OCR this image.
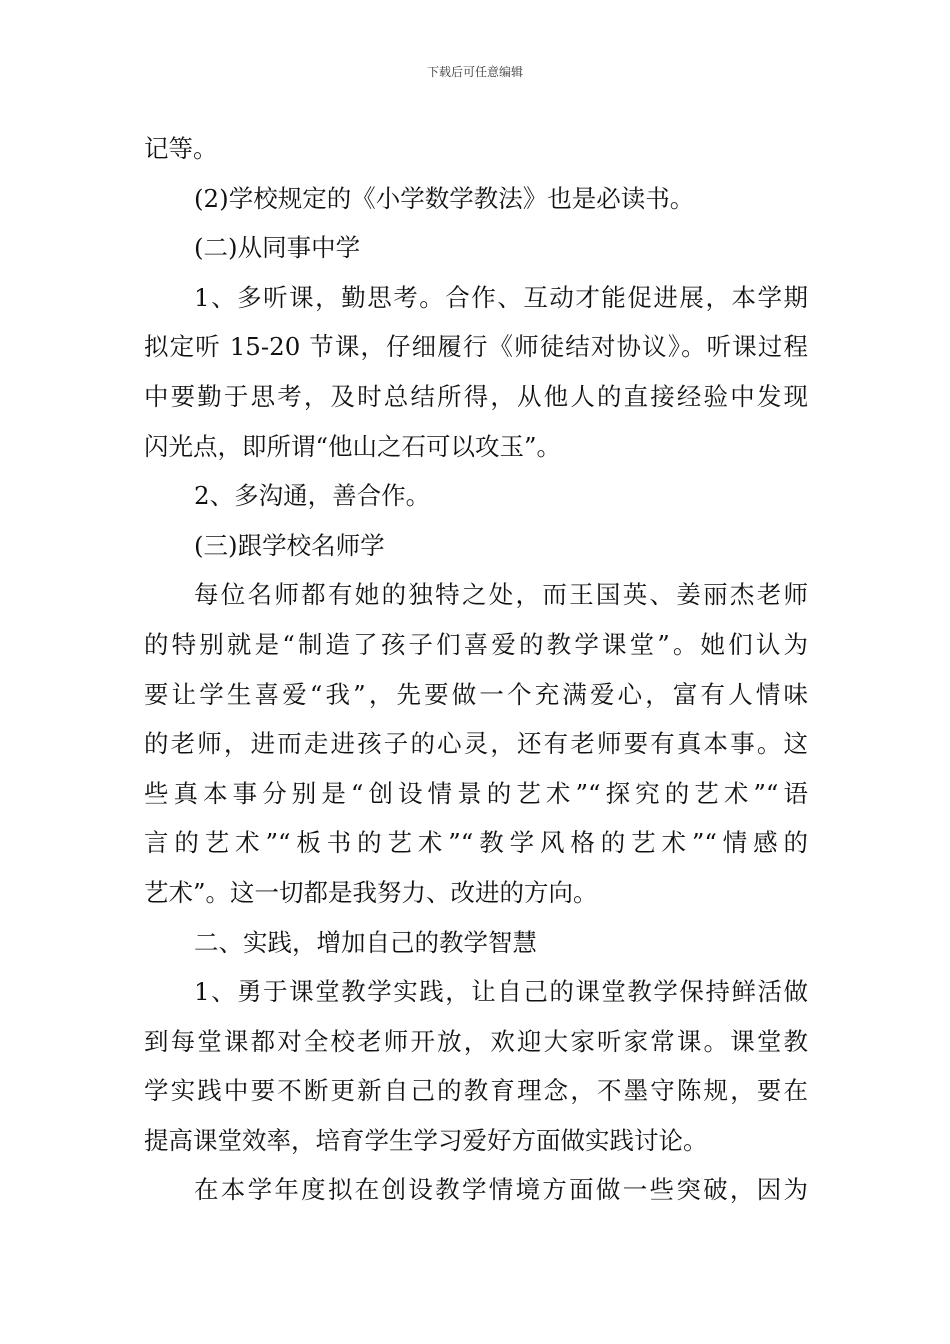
下载后可任意编辑
记等。
(2)学校规定的《小学数学教法》也是必读书。
(二)从同事中学
1、多听课，勤思考。合作、互动才能促进展，本学期
拟定听 15-20 节课，仔细履行《师徒结对协议》。听课过程
中要勤于思考，及时总结所得，从他人的直接经验中发现
闪光点，即所谓“他山之石可以攻玉”。
2、多沟通，善合作。
(三)跟学校名师学
每位名师都有她的独特之处，而王国英、姜丽杰老师
的特别就是“制造了孩子们喜爱的教学课堂”。她们认为
要让学生喜爱“我”，先要做一个充满爱心，富有人情味
的老师，进而走进孩子的心灵，还有老师要有真本事。这
些真本事分别是“创设情景的艺术”“探究的艺术”“语
言的艺术”“板书的艺术”“教学风格的艺术”“情感的
艺术”。这一切都是我努力、改进的方向。
二、实践，增加自己的教学智慧
1、勇于课堂教学实践，让自己的课堂教学保持鲜活做
到每堂课都对全校老师开放，欢迎大家听家常课。课堂教
学实践中要不断更新自己的教育理念，不墨守陈规，要在
提高课堂效率，培育学生学习爱好方面做实践讨论。
在本学年度拟在创设教学情境方面做一些突破，因为
